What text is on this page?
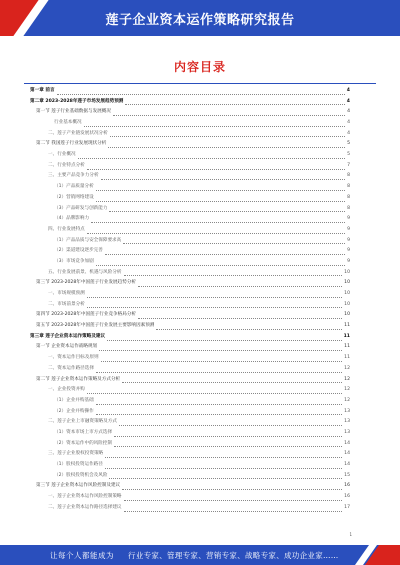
莲子企业资本运作策略研究报告
内容目录
第一章 前言	4
第二章 2023-2028年莲子市场发展趋势预测	4
第一节 莲子行业基础数据与发展概况	4
行业基本概况	4
二、莲子产业链发展状况分析	4
第二节 我国莲子行业发展现状分析	5
一、行业概况	5
二、行业特点分析	7
三、主要产品竞争力分析	8
（1）产品质量分析	8
（2）营销网络建设	8
（3）产品研发与创新能力	8
（4）品牌影响力	9
四、行业发展特点	9
（1）产品品质与安全保障要求高	9
（2）渠道建设逐步完善	9
（3）市场竞争加剧	9
五、行业发展前景、机遇与风险分析	10
第三节 2023-2028年中国莲子行业发展趋势分析	10
一、市场规模预测	10
二、市场前景分析	10
第四节 2023-2028年中国莲子行业竞争格局分析	10
第五节 2023-2028年中国莲子行业发展主要影响因素预测	11
第三章 莲子企业资本运作策略及建议	11
第一节 企业资本运作战略规划	11
一、资本运作目标及原则	11
二、资本运作路径选择	12
第二节 莲子企业资本运作策略及方式分析	12
一、企业投资并购	12
（1）企业并购基础	12
（2）企业并购操作	13
二、莲子企业上市融资策略及方式	13
（1）资本市场上市方式选择	13
（2）资本运作中的风险控制	14
三、莲子企业股权投资策略	14
（1）股权投资运作路径	14
（2）股权投资机会及风险	15
第三节 莲子企业资本运作风险控制及建议	16
一、莲子企业资本运作风险控制策略	16
二、莲子企业资本运作路径选择建议	17
1
让每个人都能成为 行业专家、管理专家、营销专家、战略专家、成功企业家……
